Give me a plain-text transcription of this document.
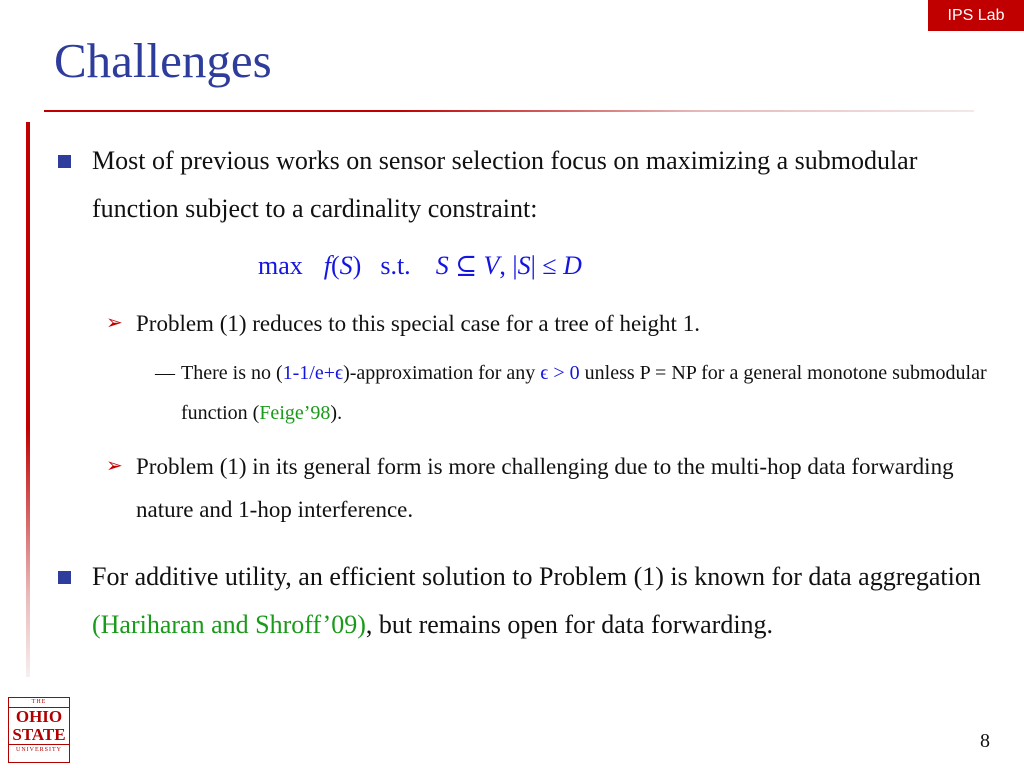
IPS Lab
Challenges
Most of previous works on sensor selection focus on maximizing a submodular function subject to a cardinality constraint:
max f(S) s.t. S ⊆ V, |S| ≤ D
➢ Problem (1) reduces to this special case for a tree of height 1.
— There is no (1-1/e+ϵ)-approximation for any ϵ > 0 unless P = NP for a general monotone submodular function (Feige’98).
➢ Problem (1) in its general form is more challenging due to the multi-hop data forwarding nature and 1-hop interference.
For additive utility, an efficient solution to Problem (1) is known for data aggregation (Hariharan and Shroff’09), but remains open for data forwarding.
THE
OHIO
STATE
UNIVERSITY	8
